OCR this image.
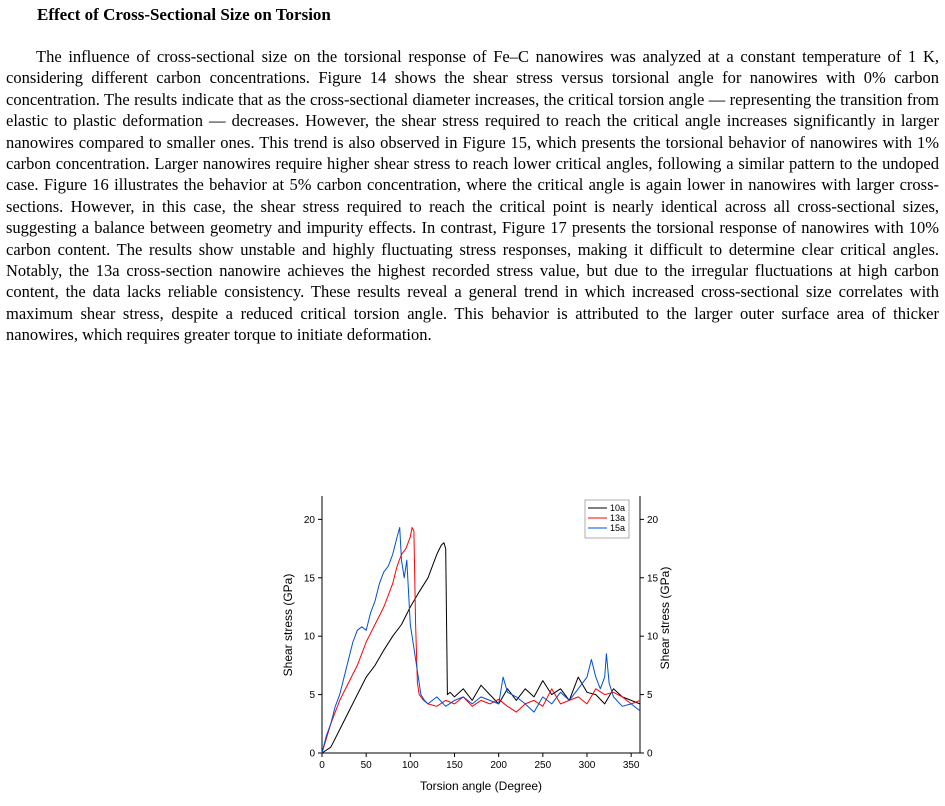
Effect of Cross-Sectional Size on Torsion

The influence of cross-sectional size on the torsional response of Fe–C nanowires was analyzed at a constant temperature of 1 K, considering different carbon concentrations. Figure 14 shows the shear stress versus torsional angle for nanowires with 0% carbon concentration. The results indicate that as the cross-sectional diameter increases, the critical torsion angle — representing the transition from elastic to plastic deformation — decreases. However, the shear stress required to reach the critical angle increases significantly in larger nanowires compared to smaller ones. This trend is also observed in Figure 15, which presents the torsional behavior of nanowires with 1% carbon concentration. Larger nanowires require higher shear stress to reach lower critical angles, following a similar pattern to the undoped case. Figure 16 illustrates the behavior at 5% carbon concentration, where the critical angle is again lower in nanowires with larger cross-sections. However, in this case, the shear stress required to reach the critical point is nearly identical across all cross-sectional sizes, suggesting a balance between geometry and impurity effects. In contrast, Figure 17 presents the torsional response of nanowires with 10% carbon content. The results show unstable and highly fluctuating stress responses, making it difficult to determine clear critical angles. Notably, the 13a cross-section nanowire achieves the highest recorded stress value, but due to the irregular fluctuations at high carbon content, the data lacks reliable consistency. These results reveal a general trend in which increased cross-sectional size correlates with maximum shear stress, despite a reduced critical torsion angle. This behavior is attributed to the larger outer surface area of thicker nanowires, which requires greater torque to initiate deformation.

0	50	100	150	200	250	300	350
0	0
5	5
10	10
15	15
20	20
Torsion angle (Degree)
Shear stress (GPa)	Shear stress (GPa)
10a
13a
15a
